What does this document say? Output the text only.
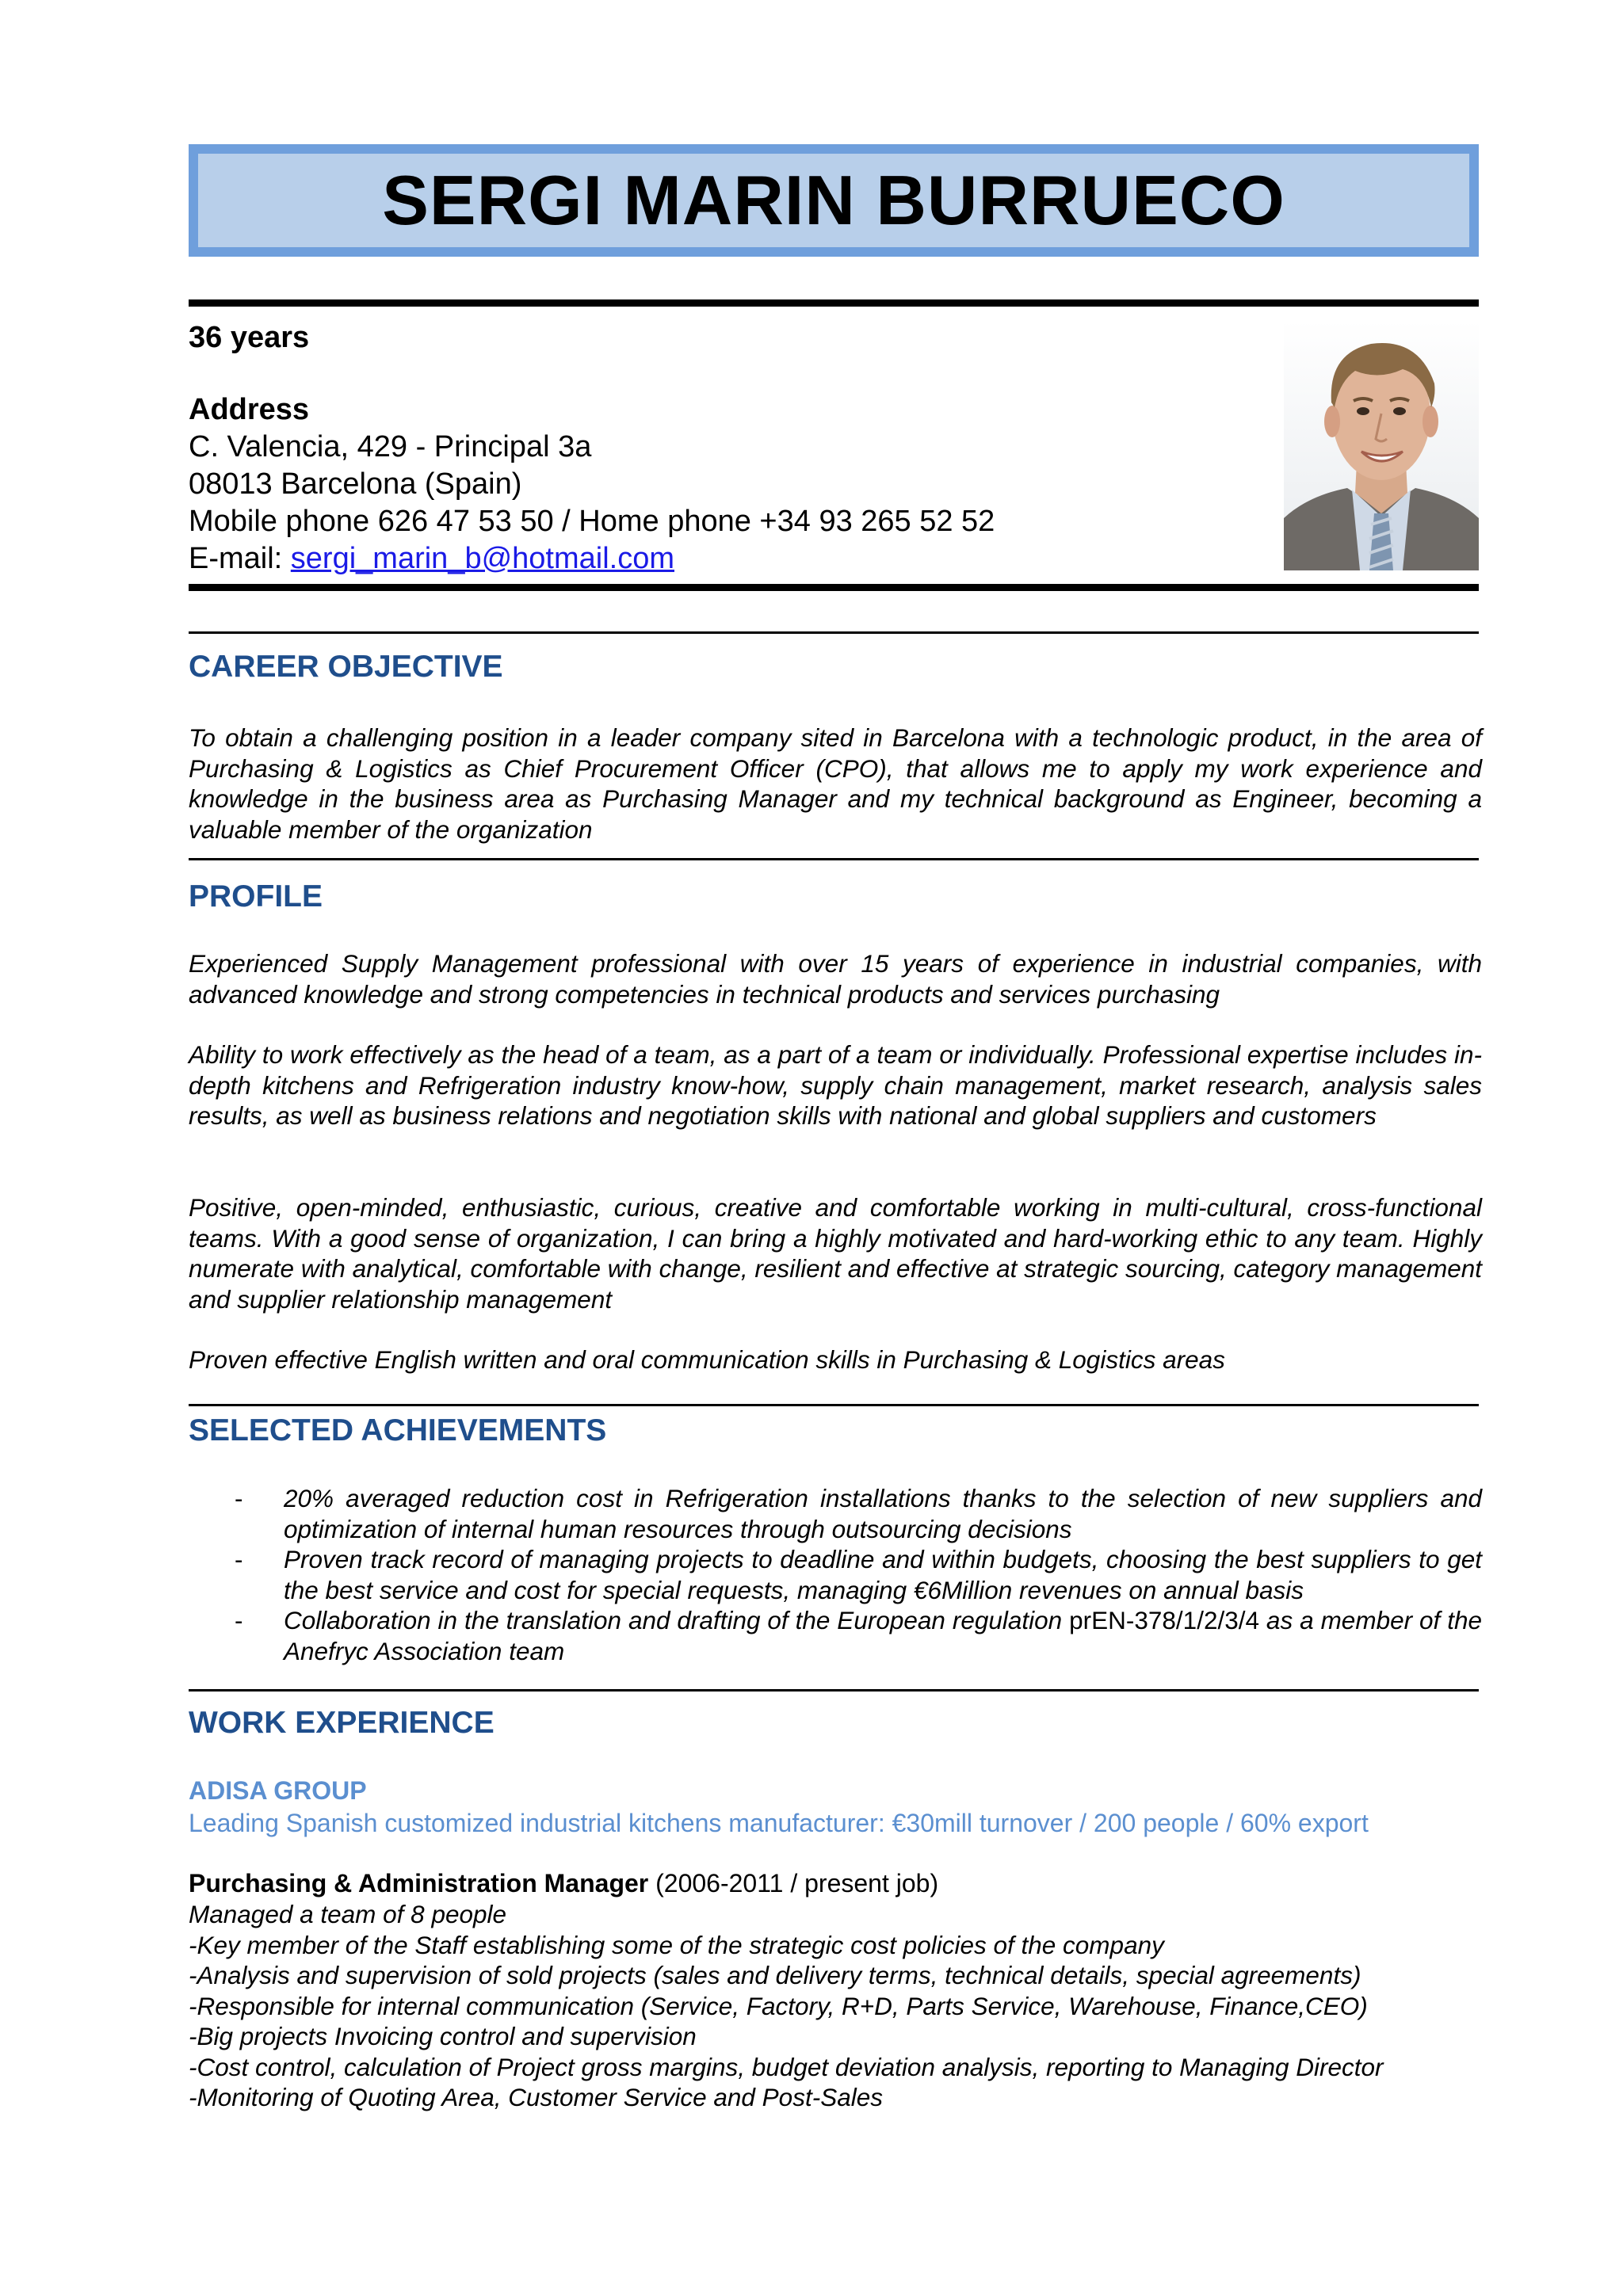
SERGI MARIN BURRUECO
36 years
Address
C. Valencia, 429 - Principal 3a
08013 Barcelona (Spain)
Mobile phone 626 47 53 50 / Home phone +34 93 265 52 52
E-mail: sergi_marin_b@hotmail.com
CAREER OBJECTIVE
To obtain a challenging position in a leader company sited in Barcelona with a technologic product, in the area of Purchasing & Logistics as Chief Procurement Officer (CPO), that allows me to apply my work experience and knowledge in the business area as Purchasing Manager and my technical background as Engineer, becoming a valuable member of the organization
PROFILE
Experienced Supply Management professional with over 15 years of experience in industrial companies, with advanced knowledge and strong competencies in technical products and services purchasing
Ability to work effectively as the head of a team, as a part of a team or individually. Professional expertise includes in-depth kitchens and Refrigeration industry know-how, supply chain management, market research, analysis sales results, as well as business relations and negotiation skills with national and global suppliers and customers
Positive, open-minded, enthusiastic, curious, creative and comfortable working in multi-cultural, cross-functional teams. With a good sense of organization, I can bring a highly motivated and hard-working ethic to any team. Highly numerate with analytical, comfortable with change, resilient and effective at strategic sourcing, category management and supplier relationship management
Proven effective English written and oral communication skills in Purchasing & Logistics areas
SELECTED ACHIEVEMENTS
- 20% averaged reduction cost in Refrigeration installations thanks to the selection of new suppliers and optimization of internal human resources through outsourcing decisions
- Proven track record of managing projects to deadline and within budgets, choosing the best suppliers to get the best service and cost for special requests, managing €6Million revenues on annual basis
- Collaboration in the translation and drafting of the European regulation prEN-378/1/2/3/4 as a member of the Anefryc Association team
WORK EXPERIENCE
ADISA GROUP
Leading Spanish customized industrial kitchens manufacturer: €30mill turnover / 200 people / 60% export
Purchasing & Administration Manager (2006-2011 / present job)
Managed a team of 8 people
-Key member of the Staff establishing some of the strategic cost policies of the company
-Analysis and supervision of sold projects (sales and delivery terms, technical details, special agreements)
-Responsible for internal communication (Service, Factory, R+D, Parts Service, Warehouse, Finance,CEO)
-Big projects Invoicing control and supervision
-Cost control, calculation of Project gross margins, budget deviation analysis, reporting to Managing Director
-Monitoring of Quoting Area, Customer Service and Post-Sales
